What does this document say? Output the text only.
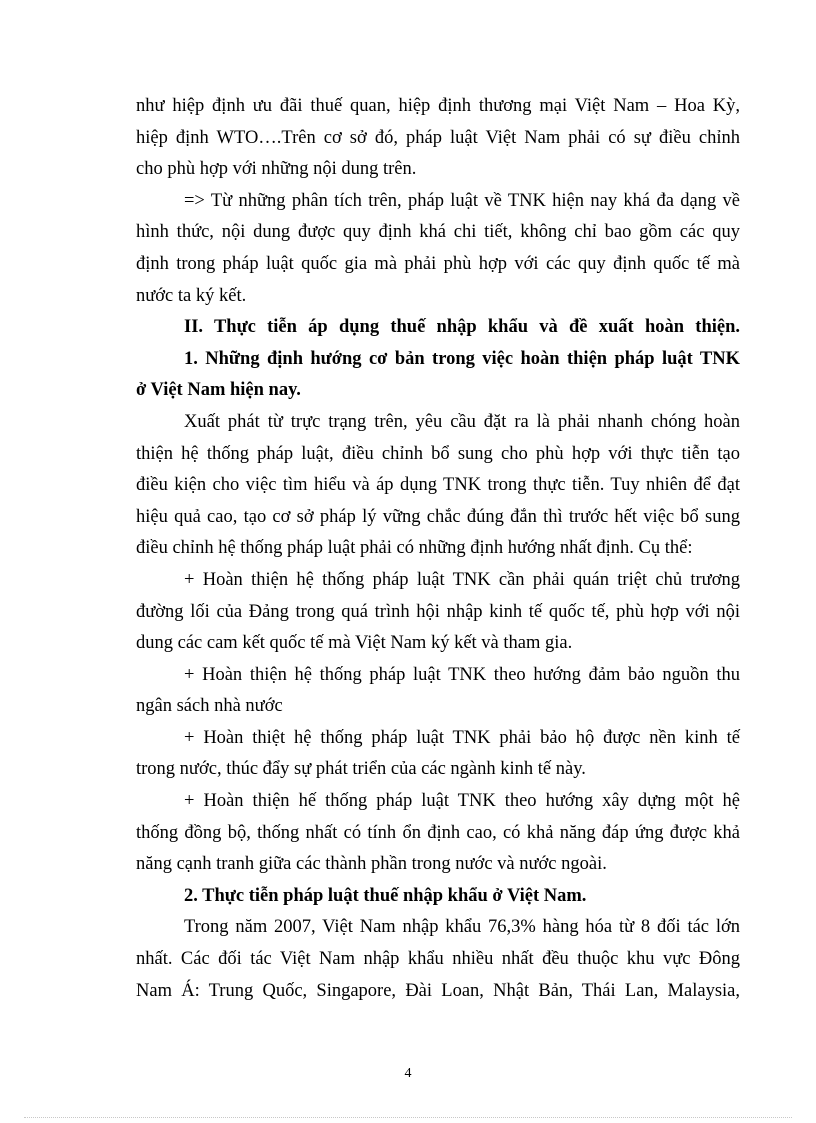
như hiệp định ưu đãi thuế quan, hiệp định thương mại Việt Nam – Hoa Kỳ,
hiệp định WTO….Trên cơ sở đó, pháp luật Việt Nam phải có sự điều chỉnh
cho phù hợp với những nội dung trên.
=> Từ những phân tích trên, pháp luật về TNK hiện nay khá đa dạng về
hình thức, nội dung được quy định khá chi tiết, không chỉ bao gồm các quy
định trong pháp luật quốc gia mà phải phù hợp với các quy định quốc tế mà
nước ta ký kết.
II. Thực tiễn áp dụng thuế nhập khẩu và đề xuất hoàn thiện.
1. Những định hướng cơ bản trong việc hoàn thiện pháp luật TNK
ở Việt Nam hiện nay.
Xuất phát từ trực trạng trên, yêu cầu đặt ra là phải nhanh chóng hoàn
thiện hệ thống pháp luật, điều chỉnh bổ sung cho phù hợp với thực tiễn tạo
điều kiện cho việc tìm hiểu và áp dụng TNK trong thực tiễn. Tuy nhiên để đạt
hiệu quả cao, tạo cơ sở pháp lý vững chắc đúng đắn thì trước hết việc bổ sung
điều chỉnh hệ thống pháp luật phải có những định hướng nhất định. Cụ thể:
+ Hoàn thiện hệ thống pháp luật TNK cần phải quán triệt chủ trương
đường lối của Đảng trong quá trình hội nhập kinh tế quốc tế, phù hợp với nội
dung các cam kết quốc tế mà Việt Nam ký kết và tham gia.
+ Hoàn thiện hệ thống pháp luật TNK theo hướng đảm bảo nguồn thu
ngân sách nhà nước
+ Hoàn thiệt hệ thống pháp luật TNK phải bảo hộ được nền kinh tế
trong nước, thúc đẩy sự phát triển của các ngành kinh tế này.
+ Hoàn thiện hế thống pháp luật TNK theo hướng xây dựng một hệ
thống đồng bộ, thống nhất có tính ổn định cao, có khả năng đáp ứng được khả
năng cạnh tranh giữa các thành phần trong nước và nước ngoài.
2. Thực tiễn pháp luật thuế nhập khẩu ở Việt Nam.
Trong năm 2007, Việt Nam nhập khẩu 76,3% hàng hóa từ 8 đối tác lớn
nhất. Các đối tác Việt Nam nhập khẩu nhiều nhất đều thuộc khu vực Đông
Nam Á: Trung Quốc, Singapore, Đài Loan, Nhật Bản, Thái Lan, Malaysia,
4
